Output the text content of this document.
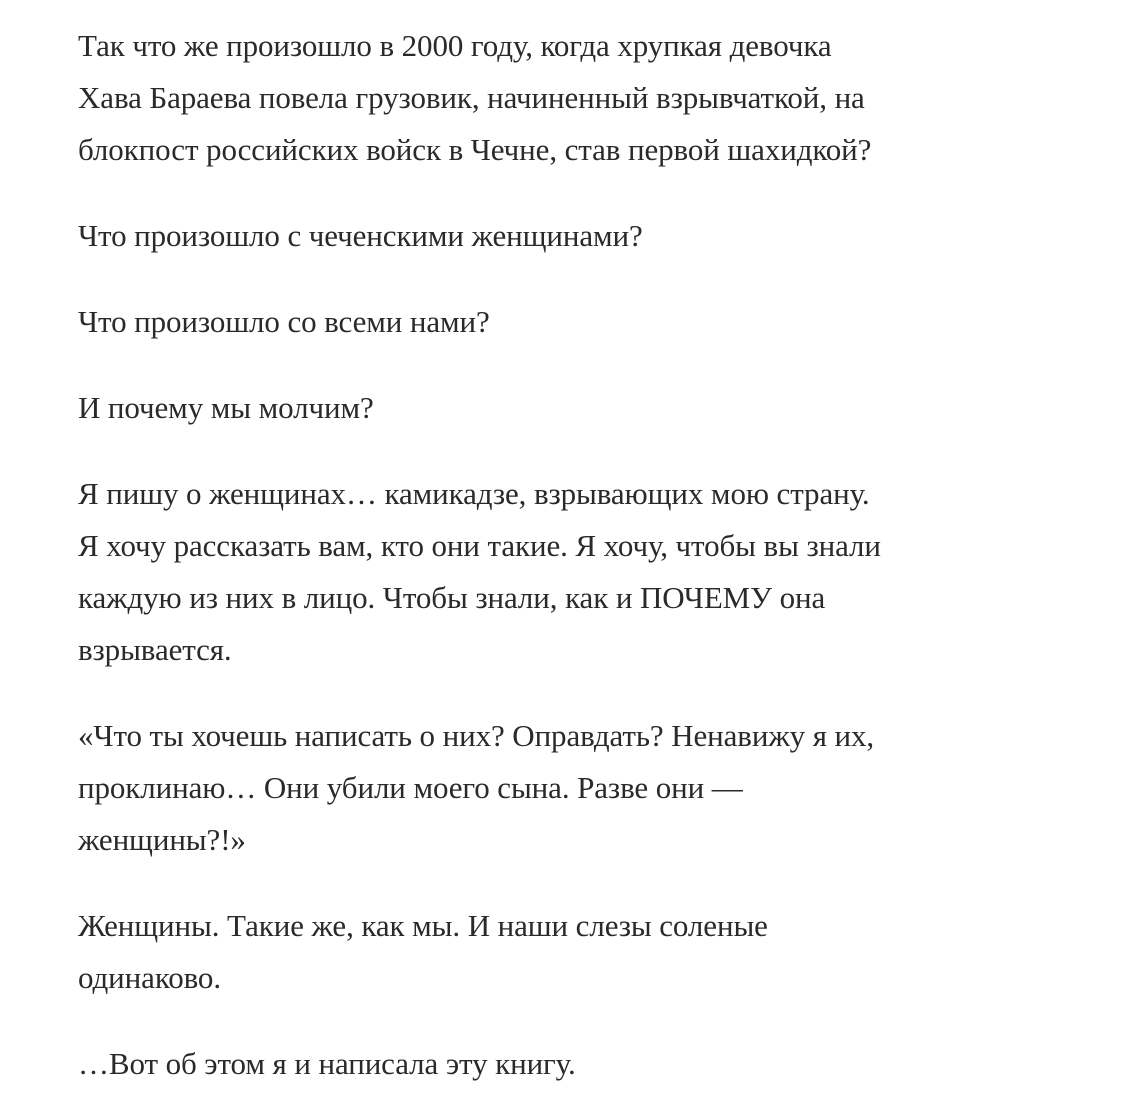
Так что же произошло в 2000 году, когда хрупкая девочка
Хава Бараева повела грузовик, начиненный взрывчаткой, на
блокпост российских войск в Чечне, став первой шахидкой?

Что произошло с чеченскими женщинами?

Что произошло со всеми нами?

И почему мы молчим?

Я пишу о женщинах… камикадзе, взрывающих мою страну.
Я хочу рассказать вам, кто они такие. Я хочу, чтобы вы знали
каждую из них в лицо. Чтобы знали, как и ПОЧЕМУ она
взрывается.

«Что ты хочешь написать о них? Оправдать? Ненавижу я их,
проклинаю… Они убили моего сына. Разве они —
женщины?!»

Женщины. Такие же, как мы. И наши слезы соленые
одинаково.

…Вот об этом я и написала эту книгу.
